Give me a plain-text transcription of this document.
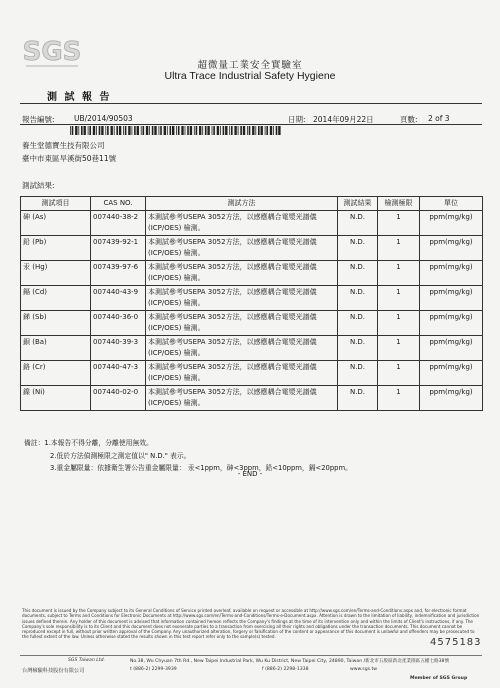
SGS	超微量工業安全實驗室
Ultra Trace Industrial Safety Hygiene
測 試 報 告
報告編號:	UB/2014/90503	日期: 2014年09月22日	頁數: 2 of 3
養生堂德寶生技有限公司
臺中市東區旱溪街50巷11號
測試結果:
測試項目	CAS NO.	測試方法	測試結果	檢測極限	單位
砷 (As)	007440-38-2	本測試參考USEPA 3052方法，以感應耦合電漿光譜儀(ICP/OES) 檢測。	N.D.	1	ppm(mg/kg)
鉛 (Pb)	007439-92-1	本測試參考USEPA 3052方法，以感應耦合電漿光譜儀(ICP/OES) 檢測。	N.D.	1	ppm(mg/kg)
汞 (Hg)	007439-97-6	本測試參考USEPA 3052方法，以感應耦合電漿光譜儀(ICP/OES) 檢測。	N.D.	1	ppm(mg/kg)
鎘 (Cd)	007440-43-9	本測試參考USEPA 3052方法，以感應耦合電漿光譜儀(ICP/OES) 檢測。	N.D.	1	ppm(mg/kg)
銻 (Sb)	007440-36-0	本測試參考USEPA 3052方法，以感應耦合電漿光譜儀(ICP/OES) 檢測。	N.D.	1	ppm(mg/kg)
鋇 (Ba)	007440-39-3	本測試參考USEPA 3052方法，以感應耦合電漿光譜儀(ICP/OES) 檢測。	N.D.	1	ppm(mg/kg)
鉻 (Cr)	007440-47-3	本測試參考USEPA 3052方法，以感應耦合電漿光譜儀(ICP/OES) 檢測。	N.D.	1	ppm(mg/kg)
鎳 (Ni)	007440-02-0	本測試參考USEPA 3052方法，以感應耦合電漿光譜儀(ICP/OES) 檢測。	N.D.	1	ppm(mg/kg)
備註：1.本報告不得分離，分離使用無效。
2.低於方法偵測極限之測定值以" N.D." 表示。
3.重金屬限量：依據衛生署公告重金屬限量： 汞<1ppm，砷<3ppm，鉛<10ppm，鎘<20ppm。
- END -
This document is issued by the Company subject to its General Conditions of Service printed overleaf, available on request or accessible at http://www.sgs.com/en/Terms-and-Conditions.aspx and, for electronic format documents, subject to Terms and Conditions for Electronic Documents at http://www.sgs.com/en/Terms-and-Conditions/Terms-e-Document.aspx. Attention is drawn to the limitation of liability, indemnification and jurisdiction issues defined therein. Any holder of this document is advised that information contained hereon reflects the Company's findings at the time of its intervention only and within the limits of Client's instructions, if any. The Company's sole responsibility is to its Client and this document does not exonerate parties to a transaction from exercising all their rights and obligations under the transaction documents. This document cannot be reproduced except in full, without prior written approval of the Company. Any unauthorized alteration, forgery or falsification of the content or appearance of this document is unlawful and offenders may be prosecuted to the fullest extent of the law. Unless otherwise stated the results shown in this test report refer only to the sample(s) tested.
4575183
SGS Taiwan Ltd.
台灣檢驗科技股份有限公司
No.38, Wu Chyuan 7th Rd., New Taipei Industrial Park, Wu Ku District, New Taipei City, 24890, Taiwan /新北市五股區新北產業園區五權七路38號
t (886-2) 2299-3939	f (886-2) 2298-1338	www.sgs.tw
Member of SGS Group
